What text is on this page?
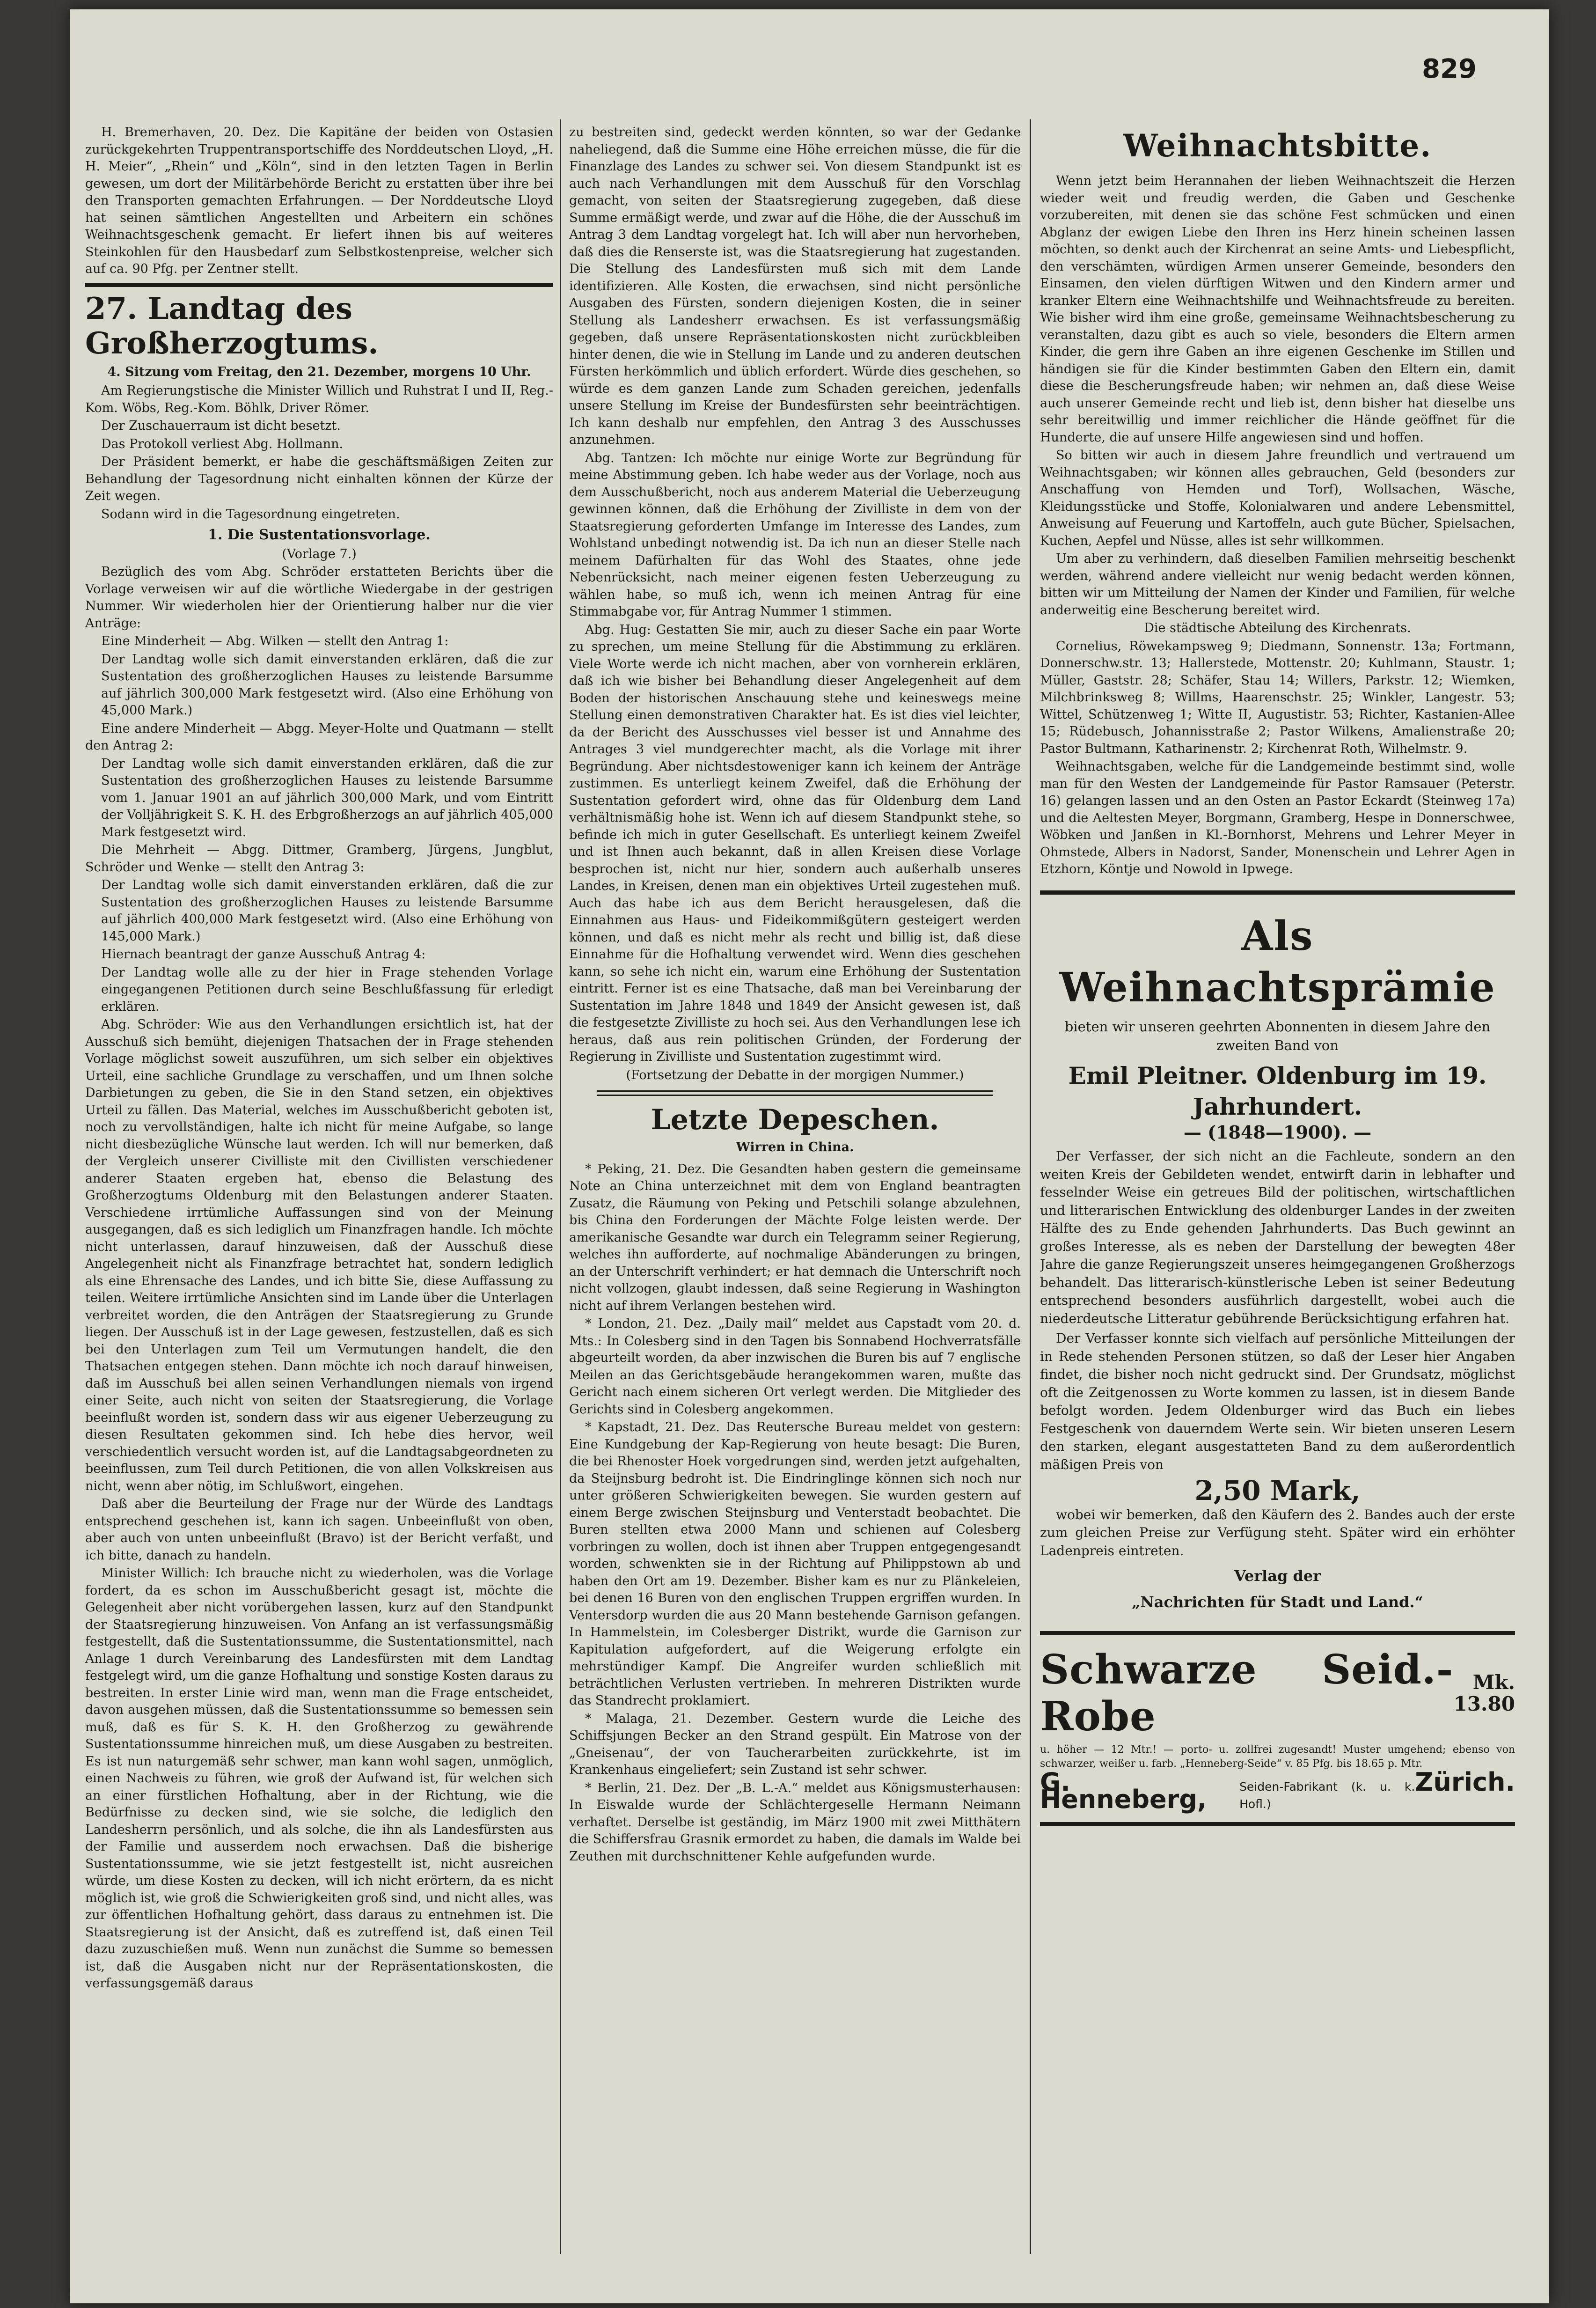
829

H. Bremerhaven, 20. Dez. Die Kapitäne der beiden von Ostasien zurückgekehrten Truppentransportschiffe des Norddeutschen Lloyd, „H. H. Meier“, „Rhein“ und „Köln“, sind in den letzten Tagen in Berlin gewesen, um dort der Militärbehörde Bericht zu erstatten über ihre bei den Transporten gemachten Erfahrungen. — Der Norddeutsche Lloyd hat seinen sämtlichen Angestellten und Arbeitern ein schönes Weihnachtsgeschenk gemacht. Er liefert ihnen bis auf weiteres Steinkohlen für den Hausbedarf zum Selbstkostenpreise, welcher sich auf ca. 90 Pfg. per Zentner stellt.

27. Landtag des Großherzogtums.
4. Sitzung vom Freitag, den 21. Dezember, morgens 10 Uhr.

Am Regierungstische die Minister Willich und Ruhstrat I und II, Reg.-Kom. Wöbs, Reg.-Kom. Böhlk, Driver Römer.

Der Zuschauerraum ist dicht besetzt.

Das Protokoll verliest Abg. Hollmann.

Der Präsident bemerkt, er habe die geschäftsmäßigen Zeiten zur Behandlung der Tagesordnung nicht einhalten können der Kürze der Zeit wegen.

Sodann wird in die Tagesordnung eingetreten.

1. Die Sustentationsvorlage.

(Vorlage 7.)

Bezüglich des vom Abg. Schröder erstatteten Berichts über die Vorlage verweisen wir auf die wörtliche Wiedergabe in der gestrigen Nummer. Wir wiederholen hier der Orientierung halber nur die vier Anträge:

Eine Minderheit — Abg. Wilken — stellt den Antrag 1:

Der Landtag wolle sich damit einverstanden erklären, daß die zur Sustentation des großherzoglichen Hauses zu leistende Barsumme auf jährlich 300,000 Mark festgesetzt wird. (Also eine Erhöhung von 45,000 Mark.)

Eine andere Minderheit — Abgg. Meyer-Holte und Quatmann — stellt den Antrag 2:

Der Landtag wolle sich damit einverstanden erklären, daß die zur Sustentation des großherzoglichen Hauses zu leistende Barsumme vom 1. Januar 1901 an auf jährlich 300,000 Mark, und vom Eintritt der Volljährigkeit S. K. H. des Erbgroßherzogs an auf jährlich 405,000 Mark festgesetzt wird.

Die Mehrheit — Abgg. Dittmer, Gramberg, Jürgens, Jungblut, Schröder und Wenke — stellt den Antrag 3:

Der Landtag wolle sich damit einverstanden erklären, daß die zur Sustentation des großherzoglichen Hauses zu leistende Barsumme auf jährlich 400,000 Mark festgesetzt wird. (Also eine Erhöhung von 145,000 Mark.)

Hiernach beantragt der ganze Ausschuß Antrag 4:

Der Landtag wolle alle zu der hier in Frage stehenden Vorlage eingegangenen Petitionen durch seine Beschlußfassung für erledigt erklären.

Abg. Schröder: Wie aus den Verhandlungen ersichtlich ist, hat der Ausschuß sich bemüht, diejenigen Thatsachen der in Frage stehenden Vorlage möglichst soweit auszuführen, um sich selber ein objektives Urteil, eine sachliche Grundlage zu verschaffen, und um Ihnen solche Darbietungen zu geben, die Sie in den Stand setzen, ein objektives Urteil zu fällen. Das Material, welches im Ausschußbericht geboten ist, noch zu vervollständigen, halte ich nicht für meine Aufgabe, so lange nicht diesbezügliche Wünsche laut werden. Ich will nur bemerken, daß der Vergleich unserer Civilliste mit den Civillisten verschiedener anderer Staaten ergeben hat, ebenso die Belastung des Großherzogtums Oldenburg mit den Belastungen anderer Staaten. Verschiedene irrtümliche Auffassungen sind von der Meinung ausgegangen, daß es sich lediglich um Finanzfragen handle. Ich möchte nicht unterlassen, darauf hinzuweisen, daß der Ausschuß diese Angelegenheit nicht als Finanzfrage betrachtet hat, sondern lediglich als eine Ehrensache des Landes, und ich bitte Sie, diese Auffassung zu teilen. Weitere irrtümliche Ansichten sind im Lande über die Unterlagen verbreitet worden, die den Anträgen der Staatsregierung zu Grunde liegen. Der Ausschuß ist in der Lage gewesen, festzustellen, daß es sich bei den Unterlagen zum Teil um Vermutungen handelt, die den Thatsachen entgegen stehen. Dann möchte ich noch darauf hinweisen, daß im Ausschuß bei allen seinen Verhandlungen niemals von irgend einer Seite, auch nicht von seiten der Staatsregierung, die Vorlage beeinflußt worden ist, sondern dass wir aus eigener Ueberzeugung zu diesen Resultaten gekommen sind. Ich hebe dies hervor, weil verschiedentlich versucht worden ist, auf die Landtagsabgeordneten zu beeinflussen, zum Teil durch Petitionen, die von allen Volkskreisen aus nicht, wenn aber nötig, im Schlußwort, eingehen.

Daß aber die Beurteilung der Frage nur der Würde des Landtags entsprechend geschehen ist, kann ich sagen. Unbeeinflußt von oben, aber auch von unten unbeeinflußt (Bravo) ist der Bericht verfaßt, und ich bitte, danach zu handeln.

Minister Willich: Ich brauche nicht zu wiederholen, was die Vorlage fordert, da es schon im Ausschußbericht gesagt ist, möchte die Gelegenheit aber nicht vorübergehen lassen, kurz auf den Standpunkt der Staatsregierung hinzuweisen. Von Anfang an ist verfassungsmäßig festgestellt, daß die Sustentationssumme, die Sustentationsmittel, nach Anlage 1 durch Vereinbarung des Landesfürsten mit dem Landtag festgelegt wird, um die ganze Hofhaltung und sonstige Kosten daraus zu bestreiten. In erster Linie wird man, wenn man die Frage entscheidet, davon ausgehen müssen, daß die Sustentationssumme so bemessen sein muß, daß es für S. K. H. den Großherzog zu gewährende Sustentationssumme hinreichen muß, um diese Ausgaben zu bestreiten. Es ist nun naturgemäß sehr schwer, man kann wohl sagen, unmöglich, einen Nachweis zu führen, wie groß der Aufwand ist, für welchen sich an einer fürstlichen Hofhaltung, aber in der Richtung, wie die Bedürfnisse zu decken sind, wie sie solche, die lediglich den Landesherrn persönlich, und als solche, die ihn als Landesfürsten aus der Familie und ausserdem noch erwachsen. Daß die bisherige Sustentationssumme, wie sie jetzt festgestellt ist, nicht ausreichen würde, um diese Kosten zu decken, will ich nicht erörtern, da es nicht möglich ist, wie groß die Schwierigkeiten groß sind, und nicht alles, was zur öffentlichen Hofhaltung gehört, dass daraus zu entnehmen ist. Die Staatsregierung ist der Ansicht, daß es zutreffend ist, daß einen Teil dazu zuzuschießen muß. Wenn nun zunächst die Summe so bemessen ist, daß die Ausgaben nicht nur der Repräsentationskosten, die verfassungsgemäß daraus

zu bestreiten sind, gedeckt werden könnten, so war der Gedanke naheliegend, daß die Summe eine Höhe erreichen müsse, die für die Finanzlage des Landes zu schwer sei. Von diesem Standpunkt ist es auch nach Verhandlungen mit dem Ausschuß für den Vorschlag gemacht, von seiten der Staatsregierung zugegeben, daß diese Summe ermäßigt werde, und zwar auf die Höhe, die der Ausschuß im Antrag 3 dem Landtag vorgelegt hat. Ich will aber nun hervorheben, daß dies die Renserste ist, was die Staatsregierung hat zugestanden. Die Stellung des Landesfürsten muß sich mit dem Lande identifizieren. Alle Kosten, die erwachsen, sind nicht persönliche Ausgaben des Fürsten, sondern diejenigen Kosten, die in seiner Stellung als Landesherr erwachsen. Es ist verfassungsmäßig gegeben, daß unsere Repräsentationskosten nicht zurückbleiben hinter denen, die wie in Stellung im Lande und zu anderen deutschen Fürsten herkömmlich und üblich erfordert. Würde dies geschehen, so würde es dem ganzen Lande zum Schaden gereichen, jedenfalls unsere Stellung im Kreise der Bundesfürsten sehr beeinträchtigen. Ich kann deshalb nur empfehlen, den Antrag 3 des Ausschusses anzunehmen.

Abg. Tantzen: Ich möchte nur einige Worte zur Begründung für meine Abstimmung geben. Ich habe weder aus der Vorlage, noch aus dem Ausschußbericht, noch aus anderem Material die Ueberzeugung gewinnen können, daß die Erhöhung der Zivilliste in dem von der Staatsregierung geforderten Umfange im Interesse des Landes, zum Wohlstand unbedingt notwendig ist. Da ich nun an dieser Stelle nach meinem Dafürhalten für das Wohl des Staates, ohne jede Nebenrücksicht, nach meiner eigenen festen Ueberzeugung zu wählen habe, so muß ich, wenn ich meinen Antrag für eine Stimmabgabe vor, für Antrag Nummer 1 stimmen.

Abg. Hug: Gestatten Sie mir, auch zu dieser Sache ein paar Worte zu sprechen, um meine Stellung für die Abstimmung zu erklären. Viele Worte werde ich nicht machen, aber von vornherein erklären, daß ich wie bisher bei Behandlung dieser Angelegenheit auf dem Boden der historischen Anschauung stehe und keineswegs meine Stellung einen demonstrativen Charakter hat. Es ist dies viel leichter, da der Bericht des Ausschusses viel besser ist und Annahme des Antrages 3 viel mundgerechter macht, als die Vorlage mit ihrer Begründung. Aber nichtsdestoweniger kann ich keinem der Anträge zustimmen. Es unterliegt keinem Zweifel, daß die Erhöhung der Sustentation gefordert wird, ohne das für Oldenburg dem Land verhältnismäßig hohe ist. Wenn ich auf diesem Standpunkt stehe, so befinde ich mich in guter Gesellschaft. Es unterliegt keinem Zweifel und ist Ihnen auch bekannt, daß in allen Kreisen diese Vorlage besprochen ist, nicht nur hier, sondern auch außerhalb unseres Landes, in Kreisen, denen man ein objektives Urteil zugestehen muß. Auch das habe ich aus dem Bericht herausgelesen, daß die Einnahmen aus Haus- und Fideikommißgütern gesteigert werden können, und daß es nicht mehr als recht und billig ist, daß diese Einnahme für die Hofhaltung verwendet wird. Wenn dies geschehen kann, so sehe ich nicht ein, warum eine Erhöhung der Sustentation eintritt. Ferner ist es eine Thatsache, daß man bei Vereinbarung der Sustentation im Jahre 1848 und 1849 der Ansicht gewesen ist, daß die festgesetzte Zivilliste zu hoch sei. Aus den Verhandlungen lese ich heraus, daß aus rein politischen Gründen, der Forderung der Regierung in Zivilliste und Sustentation zugestimmt wird.

(Fortsetzung der Debatte in der morgigen Nummer.)

Letzte Depeschen.
Wirren in China.

* Peking, 21. Dez. Die Gesandten haben gestern die gemeinsame Note an China unterzeichnet mit dem von England beantragten Zusatz, die Räumung von Peking und Petschili solange abzulehnen, bis China den Forderungen der Mächte Folge leisten werde. Der amerikanische Gesandte war durch ein Telegramm seiner Regierung, welches ihn aufforderte, auf nochmalige Abänderungen zu bringen, an der Unterschrift verhindert; er hat demnach die Unterschrift noch nicht vollzogen, glaubt indessen, daß seine Regierung in Washington nicht auf ihrem Verlangen bestehen wird.

* London, 21. Dez. „Daily mail“ meldet aus Capstadt vom 20. d. Mts.: In Colesberg sind in den Tagen bis Sonnabend Hochverratsfälle abgeurteilt worden, da aber inzwischen die Buren bis auf 7 englische Meilen an das Gerichtsgebäude herangekommen waren, mußte das Gericht nach einem sicheren Ort verlegt werden. Die Mitglieder des Gerichts sind in Colesberg angekommen.

* Kapstadt, 21. Dez. Das Reutersche Bureau meldet von gestern: Eine Kundgebung der Kap-Regierung von heute besagt: Die Buren, die bei Rhenoster Hoek vorgedrungen sind, werden jetzt aufgehalten, da Steijnsburg bedroht ist. Die Eindringlinge können sich noch nur unter größeren Schwierigkeiten bewegen. Sie wurden gestern auf einem Berge zwischen Steijnsburg und Venterstadt beobachtet. Die Buren stellten etwa 2000 Mann und schienen auf Colesberg vorbringen zu wollen, doch ist ihnen aber Truppen entgegengesandt worden, schwenkten sie in der Richtung auf Philippstown ab und haben den Ort am 19. Dezember. Bisher kam es nur zu Plänkeleien, bei denen 16 Buren von den englischen Truppen ergriffen wurden. In Ventersdorp wurden die aus 20 Mann bestehende Garnison gefangen. In Hammelstein, im Colesberger Distrikt, wurde die Garnison zur Kapitulation aufgefordert, auf die Weigerung erfolgte ein mehrstündiger Kampf. Die Angreifer wurden schließlich mit beträchtlichen Verlusten vertrieben. In mehreren Distrikten wurde das Standrecht proklamiert.

* Malaga, 21. Dezember. Gestern wurde die Leiche des Schiffsjungen Becker an den Strand gespült. Ein Matrose von der „Gneisenau“, der von Taucherarbeiten zurückkehrte, ist im Krankenhaus eingeliefert; sein Zustand ist sehr schwer.

* Berlin, 21. Dez. Der „B. L.-A.“ meldet aus Königsmusterhausen: In Eiswalde wurde der Schlächtergeselle Hermann Neimann verhaftet. Derselbe ist geständig, im März 1900 mit zwei Mitthätern die Schiffersfrau Grasnik ermordet zu haben, die damals im Walde bei Zeuthen mit durchschnittener Kehle aufgefunden wurde.

Weihnachtsbitte.

Wenn jetzt beim Herannahen der lieben Weihnachtszeit die Herzen wieder weit und freudig werden, die Gaben und Geschenke vorzubereiten, mit denen sie das schöne Fest schmücken und einen Abglanz der ewigen Liebe den Ihren ins Herz hinein scheinen lassen möchten, so denkt auch der Kirchenrat an seine Amts- und Liebespflicht, den verschämten, würdigen Armen unserer Gemeinde, besonders den Einsamen, den vielen dürftigen Witwen und den Kindern armer und kranker Eltern eine Weihnachtshilfe und Weihnachtsfreude zu bereiten. Wie bisher wird ihm eine große, gemeinsame Weihnachtsbescherung zu veranstalten, dazu gibt es auch so viele, besonders die Eltern armen Kinder, die gern ihre Gaben an ihre eigenen Geschenke im Stillen und händigen sie für die Kinder bestimmten Gaben den Eltern ein, damit diese die Bescherungsfreude haben; wir nehmen an, daß diese Weise auch unserer Gemeinde recht und lieb ist, denn bisher hat dieselbe uns sehr bereitwillig und immer reichlicher die Hände geöffnet für die Hunderte, die auf unsere Hilfe angewiesen sind und hoffen.

So bitten wir auch in diesem Jahre freundlich und vertrauend um Weihnachtsgaben; wir können alles gebrauchen, Geld (besonders zur Anschaffung von Hemden und Torf), Wollsachen, Wäsche, Kleidungsstücke und Stoffe, Kolonialwaren und andere Lebensmittel, Anweisung auf Feuerung und Kartoffeln, auch gute Bücher, Spielsachen, Kuchen, Aepfel und Nüsse, alles ist sehr willkommen.

Um aber zu verhindern, daß dieselben Familien mehrseitig beschenkt werden, während andere vielleicht nur wenig bedacht werden können, bitten wir um Mitteilung der Namen der Kinder und Familien, für welche anderweitig eine Bescherung bereitet wird.

Die städtische Abteilung des Kirchenrats.

Cornelius, Röwekampsweg 9; Diedmann, Sonnenstr. 13a; Fortmann, Donnerschw.str. 13; Hallerstede, Mottenstr. 20; Kuhlmann, Staustr. 1; Müller, Gaststr. 28; Schäfer, Stau 14; Willers, Parkstr. 12; Wiemken, Milchbrinksweg 8; Willms, Haarenschstr. 25; Winkler, Langestr. 53; Wittel, Schützenweg 1; Witte II, Augustistr. 53; Richter, Kastanien-Allee 15; Rüdebusch, Johannisstraße 2; Pastor Wilkens, Amalienstraße 20; Pastor Bultmann, Katharinenstr. 2; Kirchenrat Roth, Wilhelmstr. 9.

Weihnachtsgaben, welche für die Landgemeinde bestimmt sind, wolle man für den Westen der Landgemeinde für Pastor Ramsauer (Peterstr. 16) gelangen lassen und an den Osten an Pastor Eckardt (Steinweg 17a) und die Aeltesten Meyer, Borgmann, Gramberg, Hespe in Donnerschwee, Wöbken und Janßen in Kl.-Bornhorst, Mehrens und Lehrer Meyer in Ohmstede, Albers in Nadorst, Sander, Monenschein und Lehrer Agen in Etzhorn, Köntje und Nowold in Ipwege.

Als Weihnachtsprämie
bieten wir unseren geehrten Abonnenten in diesem Jahre den zweiten Band von
Emil Pleitner. Oldenburg im 19. Jahrhundert.
— (1848—1900). —

Der Verfasser, der sich nicht an die Fachleute, sondern an den weiten Kreis der Gebildeten wendet, entwirft darin in lebhafter und fesselnder Weise ein getreues Bild der politischen, wirtschaftlichen und litterarischen Entwicklung des oldenburger Landes in der zweiten Hälfte des zu Ende gehenden Jahrhunderts. Das Buch gewinnt an großes Interesse, als es neben der Darstellung der bewegten 48er Jahre die ganze Regierungszeit unseres heimgegangenen Großherzogs behandelt. Das litterarisch-künstlerische Leben ist seiner Bedeutung entsprechend besonders ausführlich dargestellt, wobei auch die niederdeutsche Litteratur gebührende Berücksichtigung erfahren hat.

Der Verfasser konnte sich vielfach auf persönliche Mitteilungen der in Rede stehenden Personen stützen, so daß der Leser hier Angaben findet, die bisher noch nicht gedruckt sind. Der Grundsatz, möglichst oft die Zeitgenossen zu Worte kommen zu lassen, ist in diesem Bande befolgt worden. Jedem Oldenburger wird das Buch ein liebes Festgeschenk von dauerndem Werte sein. Wir bieten unseren Lesern den starken, elegant ausgestatteten Band zu dem außerordentlich mäßigen Preis von

2,50 Mark,

wobei wir bemerken, daß den Käufern des 2. Bandes auch der erste zum gleichen Preise zur Verfügung steht. Später wird ein erhöhter Ladenpreis eintreten.

Verlag der
„Nachrichten für Stadt und Land.“
Schwarze Seid.-Robe
Mk.
13.80
u. höher — 12 Mtr.! — porto- u. zollfrei zugesandt! Muster umgehend; ebenso von schwarzer, weißer u. farb. „Henneberg-Seide“ v. 85 Pfg. bis 18.65 p. Mtr.
G. Henneberg,	Seiden-Fabrikant (k. u. k. Hofl.)
Zürich.
